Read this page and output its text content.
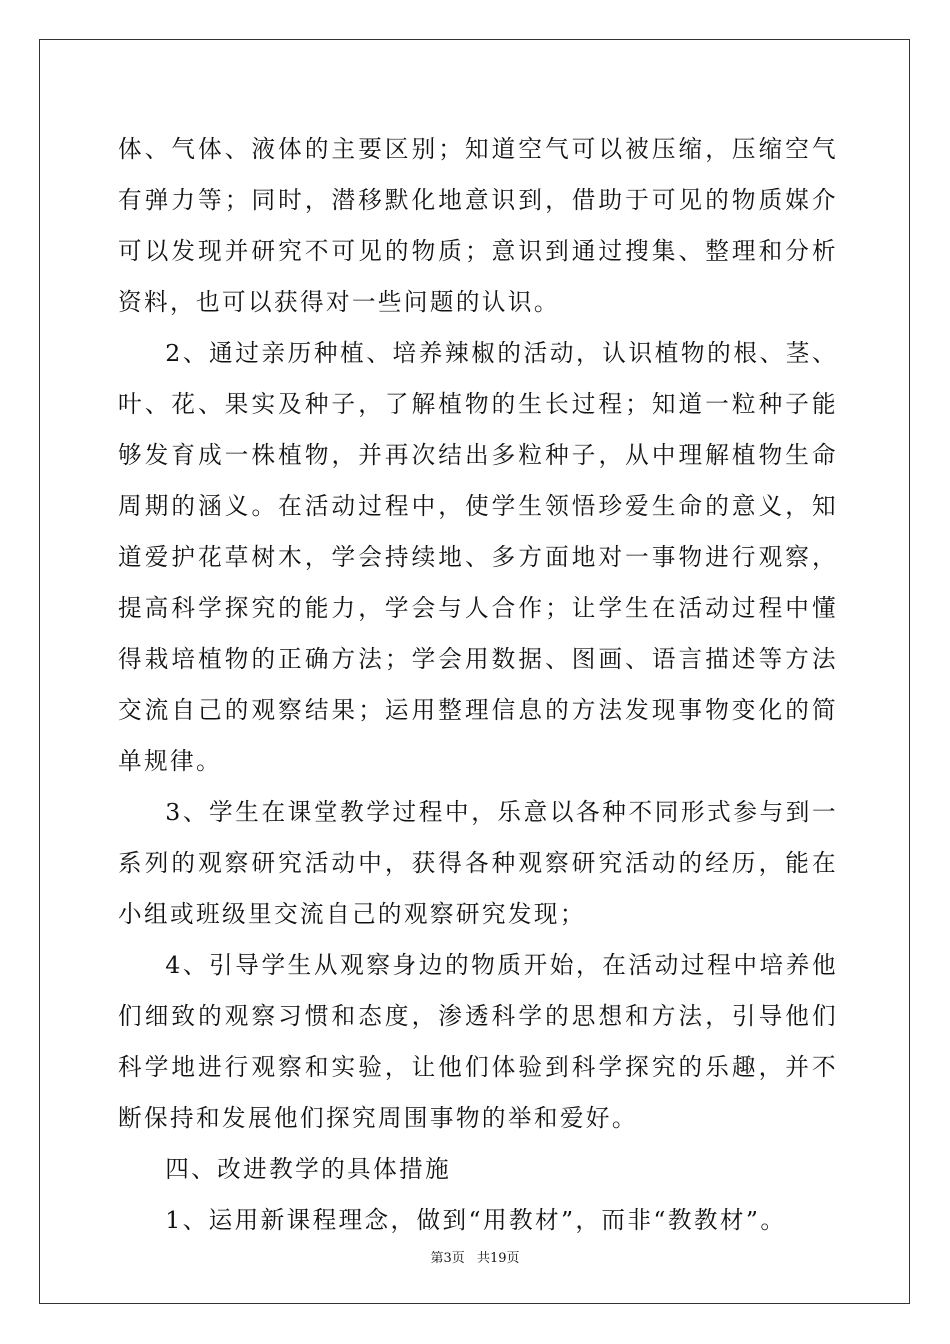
体、气体、液体的主要区别；知道空气可以被压缩，压缩空气有弹力等；同时，潜移默化地意识到，借助于可见的物质媒介可以发现并研究不可见的物质；意识到通过搜集、整理和分析资料，也可以获得对一些问题的认识。

2、通过亲历种植、培养辣椒的活动，认识植物的根、茎、叶、花、果实及种子，了解植物的生长过程；知道一粒种子能够发育成一株植物，并再次结出多粒种子，从中理解植物生命周期的涵义。在活动过程中，使学生领悟珍爱生命的意义，知道爱护花草树木，学会持续地、多方面地对一事物进行观察，提高科学探究的能力，学会与人合作；让学生在活动过程中懂得栽培植物的正确方法；学会用数据、图画、语言描述等方法交流自己的观察结果；运用整理信息的方法发现事物变化的简单规律。

3、学生在课堂教学过程中，乐意以各种不同形式参与到一系列的观察研究活动中，获得各种观察研究活动的经历，能在小组或班级里交流自己的观察研究发现；

4、引导学生从观察身边的物质开始，在活动过程中培养他们细致的观察习惯和态度，渗透科学的思想和方法，引导他们科学地进行观察和实验，让他们体验到科学探究的乐趣，并不断保持和发展他们探究周围事物的举和爱好。

四、改进教学的具体措施

1、运用新课程理念，做到“用教材”，而非“教教材”。

第3页 共19页
